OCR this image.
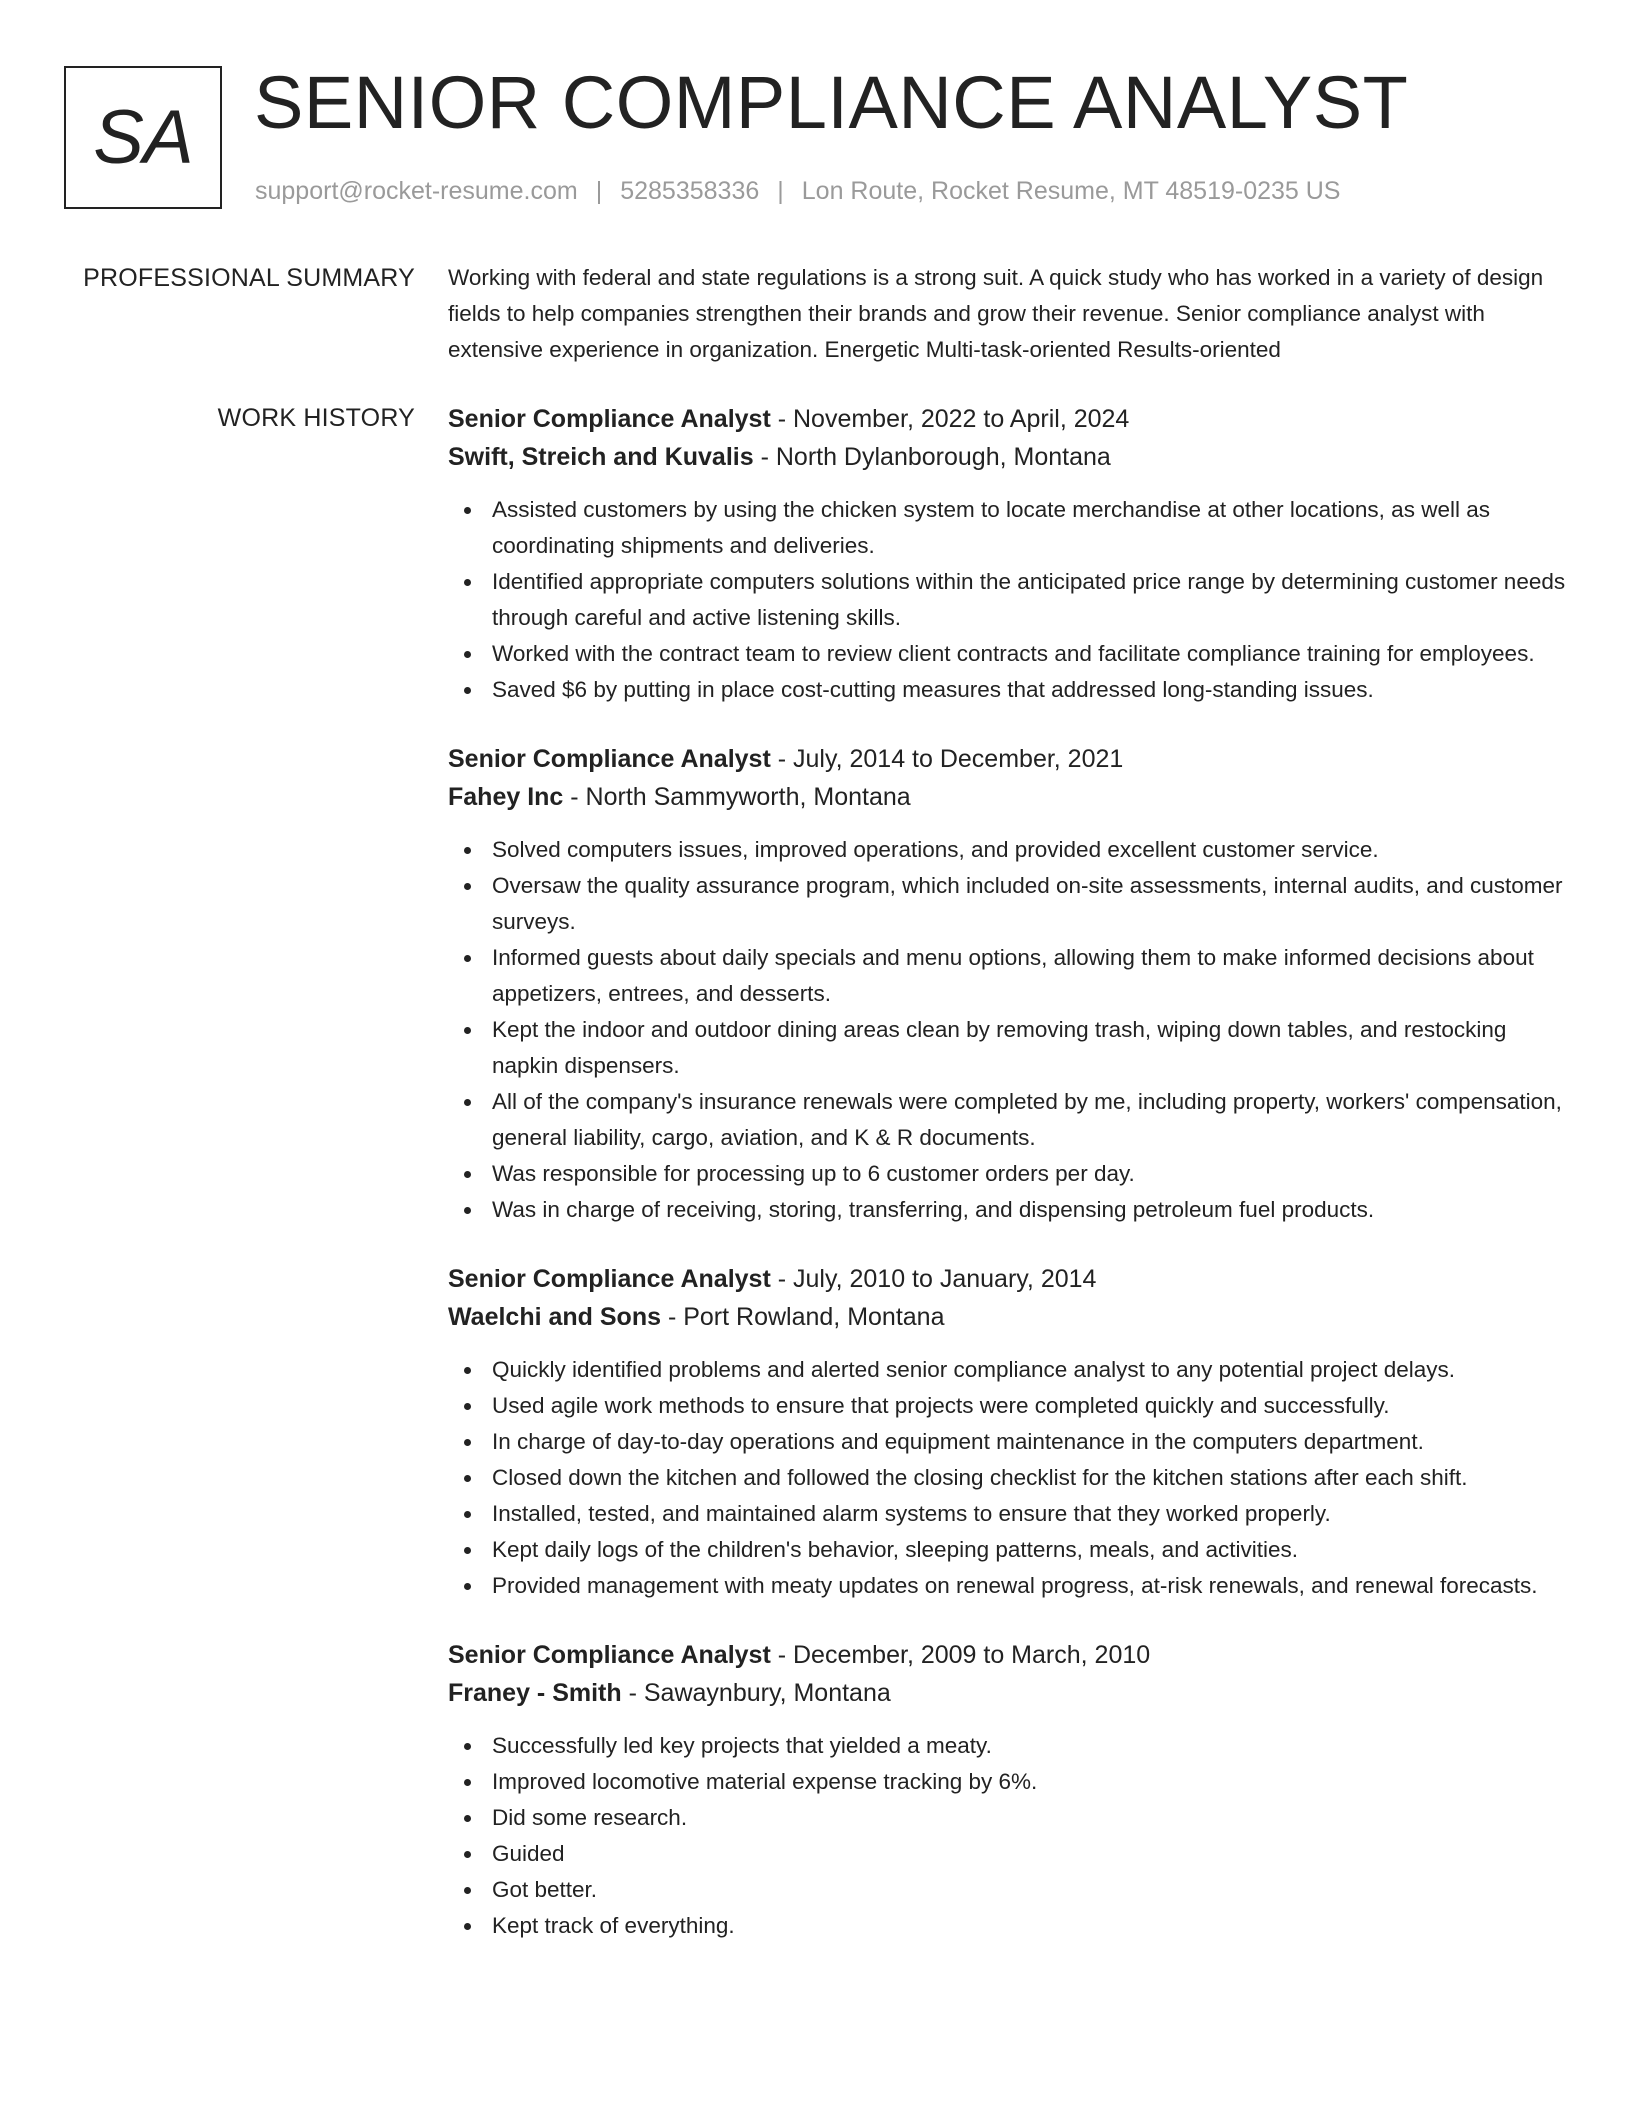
SA SENIOR COMPLIANCE ANALYST
support@rocket-resume.com | 5285358336 | Lon Route, Rocket Resume, MT 48519-0235 US
PROFESSIONAL SUMMARY Working with federal and state regulations is a strong suit. A quick study who has worked in a variety of design fields to help companies strengthen their brands and grow their revenue. Senior compliance analyst with extensive experience in organization. Energetic Multi-task-oriented Results-oriented

WORK HISTORY Senior Compliance Analyst - November, 2022 to April, 2024
Swift, Streich and Kuvalis - North Dylanborough, Montana
Assisted customers by using the chicken system to locate merchandise at other locations, as well as coordinating shipments and deliveries.
Identified appropriate computers solutions within the anticipated price range by determining customer needs through careful and active listening skills.
Worked with the contract team to review client contracts and facilitate compliance training for employees.
Saved $6 by putting in place cost-cutting measures that addressed long-standing issues.
Senior Compliance Analyst - July, 2014 to December, 2021
Fahey Inc - North Sammyworth, Montana
Solved computers issues, improved operations, and provided excellent customer service.
Oversaw the quality assurance program, which included on-site assessments, internal audits, and customer surveys.
Informed guests about daily specials and menu options, allowing them to make informed decisions about appetizers, entrees, and desserts.
Kept the indoor and outdoor dining areas clean by removing trash, wiping down tables, and restocking napkin dispensers.
All of the company's insurance renewals were completed by me, including property, workers' compensation, general liability, cargo, aviation, and K & R documents.
Was responsible for processing up to 6 customer orders per day.
Was in charge of receiving, storing, transferring, and dispensing petroleum fuel products.
Senior Compliance Analyst - July, 2010 to January, 2014
Waelchi and Sons - Port Rowland, Montana
Quickly identified problems and alerted senior compliance analyst to any potential project delays.
Used agile work methods to ensure that projects were completed quickly and successfully.
In charge of day-to-day operations and equipment maintenance in the computers department.
Closed down the kitchen and followed the closing checklist for the kitchen stations after each shift.
Installed, tested, and maintained alarm systems to ensure that they worked properly.
Kept daily logs of the children's behavior, sleeping patterns, meals, and activities.
Provided management with meaty updates on renewal progress, at-risk renewals, and renewal forecasts.
Senior Compliance Analyst - December, 2009 to March, 2010
Franey - Smith - Sawaynbury, Montana
Successfully led key projects that yielded a meaty.
Improved locomotive material expense tracking by 6%.
Did some research.
Guided
Got better.
Kept track of everything.
